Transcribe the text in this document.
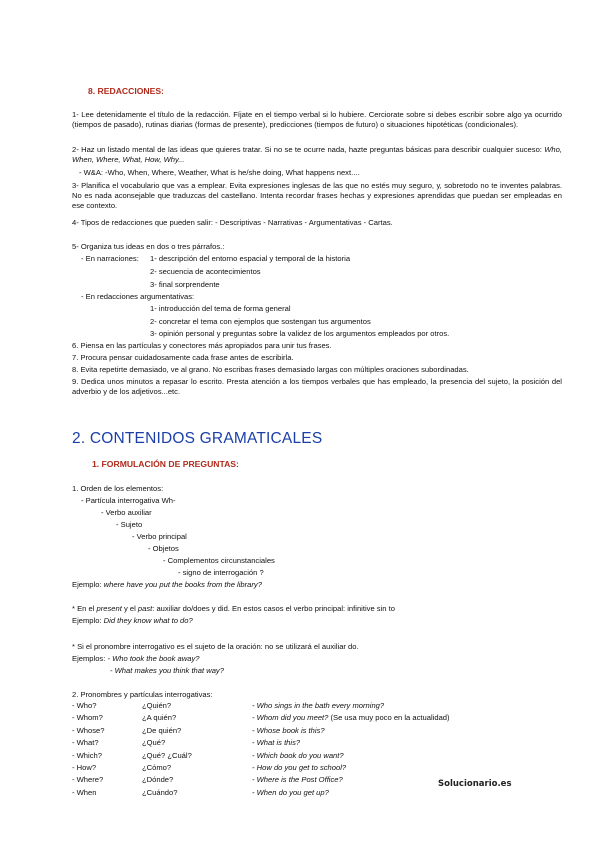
8. REDACCIONES:
1- Lee detenidamente el título de la redacción. Fíjate en el tiempo verbal si lo hubiere. Cerciorate sobre si debes escribir sobre algo ya ocurrido (tiempos de pasado), rutinas diarias (formas de presente), predicciones (tiempos de futuro) o situaciones hipotéticas (condicionales).
2- Haz un listado mental de las ideas que quieres tratar. Si no se te ocurre nada, hazte preguntas básicas para describir cualquier suceso: Who, When, Where, What, How, Why...
- W&A: -Who, When, Where, Weather, What is he/she doing, What happens next....
3- Planifica el vocabulario que vas a emplear. Evita expresiones inglesas de las que no estés muy seguro, y, sobretodo no te inventes palabras. No es nada aconsejable que traduzcas del castellano. Intenta recordar frases hechas y expresiones aprendidas que puedan ser empleadas en ese contexto.
4- Tipos de redacciones que pueden salir: - Descriptivas - Narrativas - Argumentativas - Cartas.
5- Organiza tus ideas en dos o tres párrafos.:
- En narraciones: 1- descripción del entorno espacial y temporal de la historia
2- secuencia de acontecimientos
3- final sorprendente
- En redacciones argumentativas:
1- introducción del tema de forma general
2- concretar el tema con ejemplos que sostengan tus argumentos
3- opinión personal y preguntas sobre la validez de los argumentos empleados por otros.
6. Piensa en las partículas y conectores más apropiados para unir tus frases.
7. Procura pensar cuidadosamente cada frase antes de escribirla.
8. Evita repetirte demasiado, ve al grano. No escribas frases demasiado largas con múltiples oraciones subordinadas.
9. Dedica unos minutos a repasar lo escrito. Presta atención a los tiempos verbales que has empleado, la presencia del sujeto, la posición del adverbio y de los adjetivos...etc.
2. CONTENIDOS GRAMATICALES
1. FORMULACIÓN DE PREGUNTAS:
1. Orden de los elementos:
- Partícula interrogativa Wh-
- Verbo auxiliar
- Sujeto
- Verbo principal
- Objetos
- Complementos circunstanciales
- signo de interrogación ?
Ejemplo: where have you put the books from the library?
* En el present y el past: auxiliar do/does y did. En estos casos el verbo principal: infinitive sin to
Ejemplo: Did they know what to do?
* Si el pronombre interrogativo es el sujeto de la oración: no se utilizará el auxiliar do.
Ejemplos: - Who took the book away?
- What makes you think that way?
2. Pronombres y partículas interrogativas:
- Who?
- Whom?
- Whose?
- What?
- Which?
- How?
- Where?
- When
¿Quién?
¿A quién?
¿De quién?
¿Qué?
¿Qué? ¿Cuál?
¿Cómo?
¿Dónde?
¿Cuándo?
- Who sings in the bath every morning?
- Whom did you meet? (Se usa muy poco en la actualidad)
- Whose book is this?
- What is this?
- Which book do you want?
- How do you get to school?
- Where is the Post Office?
- When do you get up?
Solucionario.es
